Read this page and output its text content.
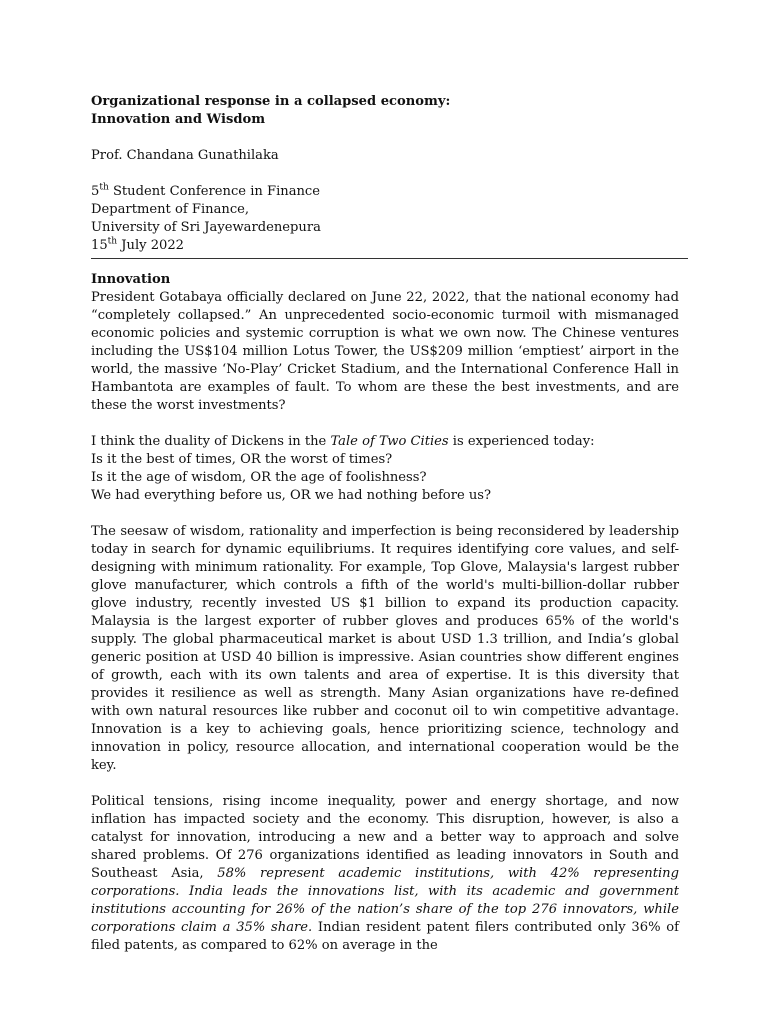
Organizational response in a collapsed economy:
Innovation and Wisdom
Prof. Chandana Gunathilaka
5th Student Conference in Finance
Department of Finance,
University of Sri Jayewardenepura
15th July 2022
Innovation

President Gotabaya officially declared on June 22, 2022, that the national economy had “completely collapsed.” An unprecedented socio-economic turmoil with mismanaged economic policies and systemic corruption is what we own now. The Chinese ventures including the US$104 million Lotus Tower, the US$209 million ‘emptiest’ airport in the world, the massive ‘No-Play’ Cricket Stadium, and the International Conference Hall in Hambantota are examples of fault. To whom are these the best investments, and are these the worst investments?

I think the duality of Dickens in the Tale of Two Cities is experienced today:
Is it the best of times, OR the worst of times?
Is it the age of wisdom, OR the age of foolishness?
We had everything before us, OR we had nothing before us?

The seesaw of wisdom, rationality and imperfection is being reconsidered by leadership today in search for dynamic equilibriums. It requires identifying core values, and self-designing with minimum rationality. For example, Top Glove, Malaysia's largest rubber glove manufacturer, which controls a fifth of the world's multi-billion-dollar rubber glove industry, recently invested US $1 billion to expand its production capacity. Malaysia is the largest exporter of rubber gloves and produces 65% of the world's supply. The global pharmaceutical market is about USD 1.3 trillion, and India’s global generic position at USD 40 billion is impressive. Asian countries show different engines of growth, each with its own talents and area of expertise. It is this diversity that provides it resilience as well as strength. Many Asian organizations have re-defined with own natural resources like rubber and coconut oil to win competitive advantage. Innovation is a key to achieving goals, hence prioritizing science, technology and innovation in policy, resource allocation, and international cooperation would be the key.

Political tensions, rising income inequality, power and energy shortage, and now inflation has impacted society and the economy. This disruption, however, is also a catalyst for innovation, introducing a new and a better way to approach and solve shared problems. Of 276 organizations identified as leading innovators in South and Southeast Asia, 58% represent academic institutions, with 42% representing corporations. India leads the innovations list, with its academic and government institutions accounting for 26% of the nation’s share of the top 276 innovators, while corporations claim a 35% share. Indian resident patent filers contributed only 36% of filed patents, as compared to 62% on average in the
